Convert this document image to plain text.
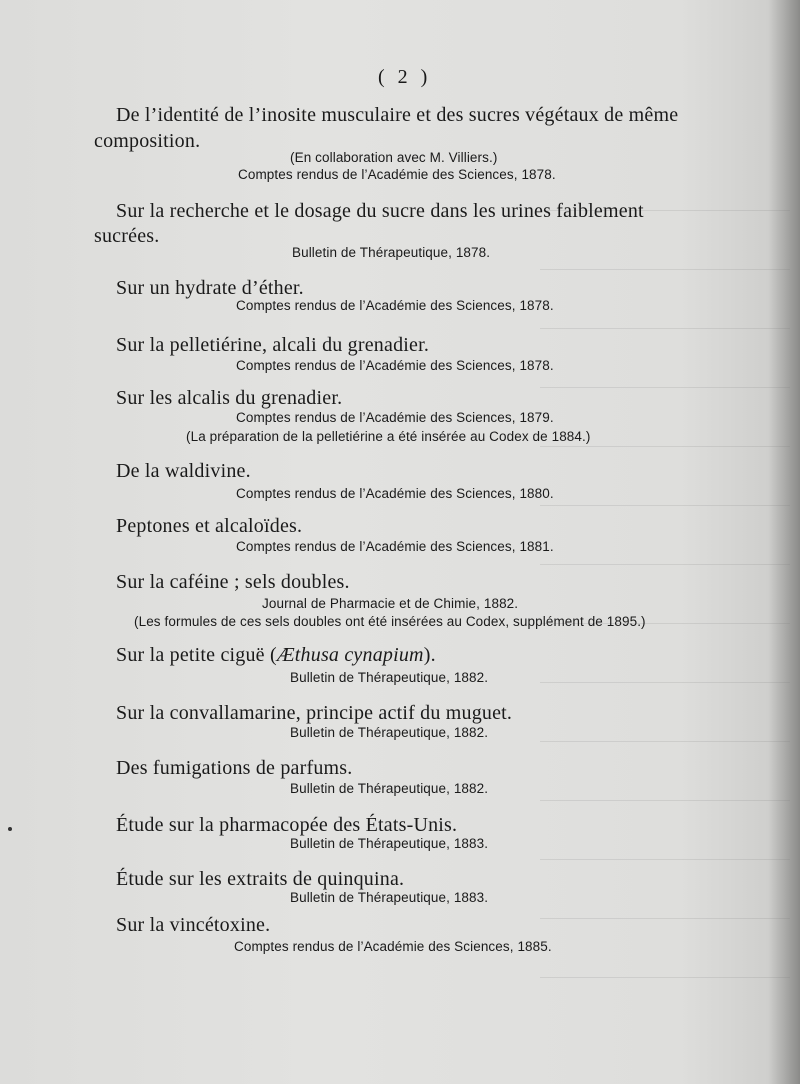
( 2 )
De l’identité de l’inosite musculaire et des sucres végétaux de même
composition.
(En collaboration avec M. Villiers.)
Comptes rendus de l’Académie des Sciences, 1878.
Sur la recherche et le dosage du sucre dans les urines faiblement
sucrées.
Bulletin de Thérapeutique, 1878.
Sur un hydrate d’éther.
Comptes rendus de l’Académie des Sciences, 1878.
Sur la pelletiérine, alcali du grenadier.
Comptes rendus de l’Académie des Sciences, 1878.
Sur les alcalis du grenadier.
Comptes rendus de l’Académie des Sciences, 1879.
(La préparation de la pelletiérine a été insérée au Codex de 1884.)
De la waldivine.
Comptes rendus de l’Académie des Sciences, 1880.
Peptones et alcaloïdes.
Comptes rendus de l’Académie des Sciences, 1881.
Sur la caféine ; sels doubles.
Journal de Pharmacie et de Chimie, 1882.
(Les formules de ces sels doubles ont été insérées au Codex, supplément de 1895.)
Sur la petite ciguë (Æthusa cynapium).
Bulletin de Thérapeutique, 1882.
Sur la convallamarine, principe actif du muguet.
Bulletin de Thérapeutique, 1882.
Des fumigations de parfums.
Bulletin de Thérapeutique, 1882.
Étude sur la pharmacopée des États-Unis.
Bulletin de Thérapeutique, 1883.
Étude sur les extraits de quinquina.
Bulletin de Thérapeutique, 1883.
Sur la vincétoxine.
Comptes rendus de l’Académie des Sciences, 1885.
